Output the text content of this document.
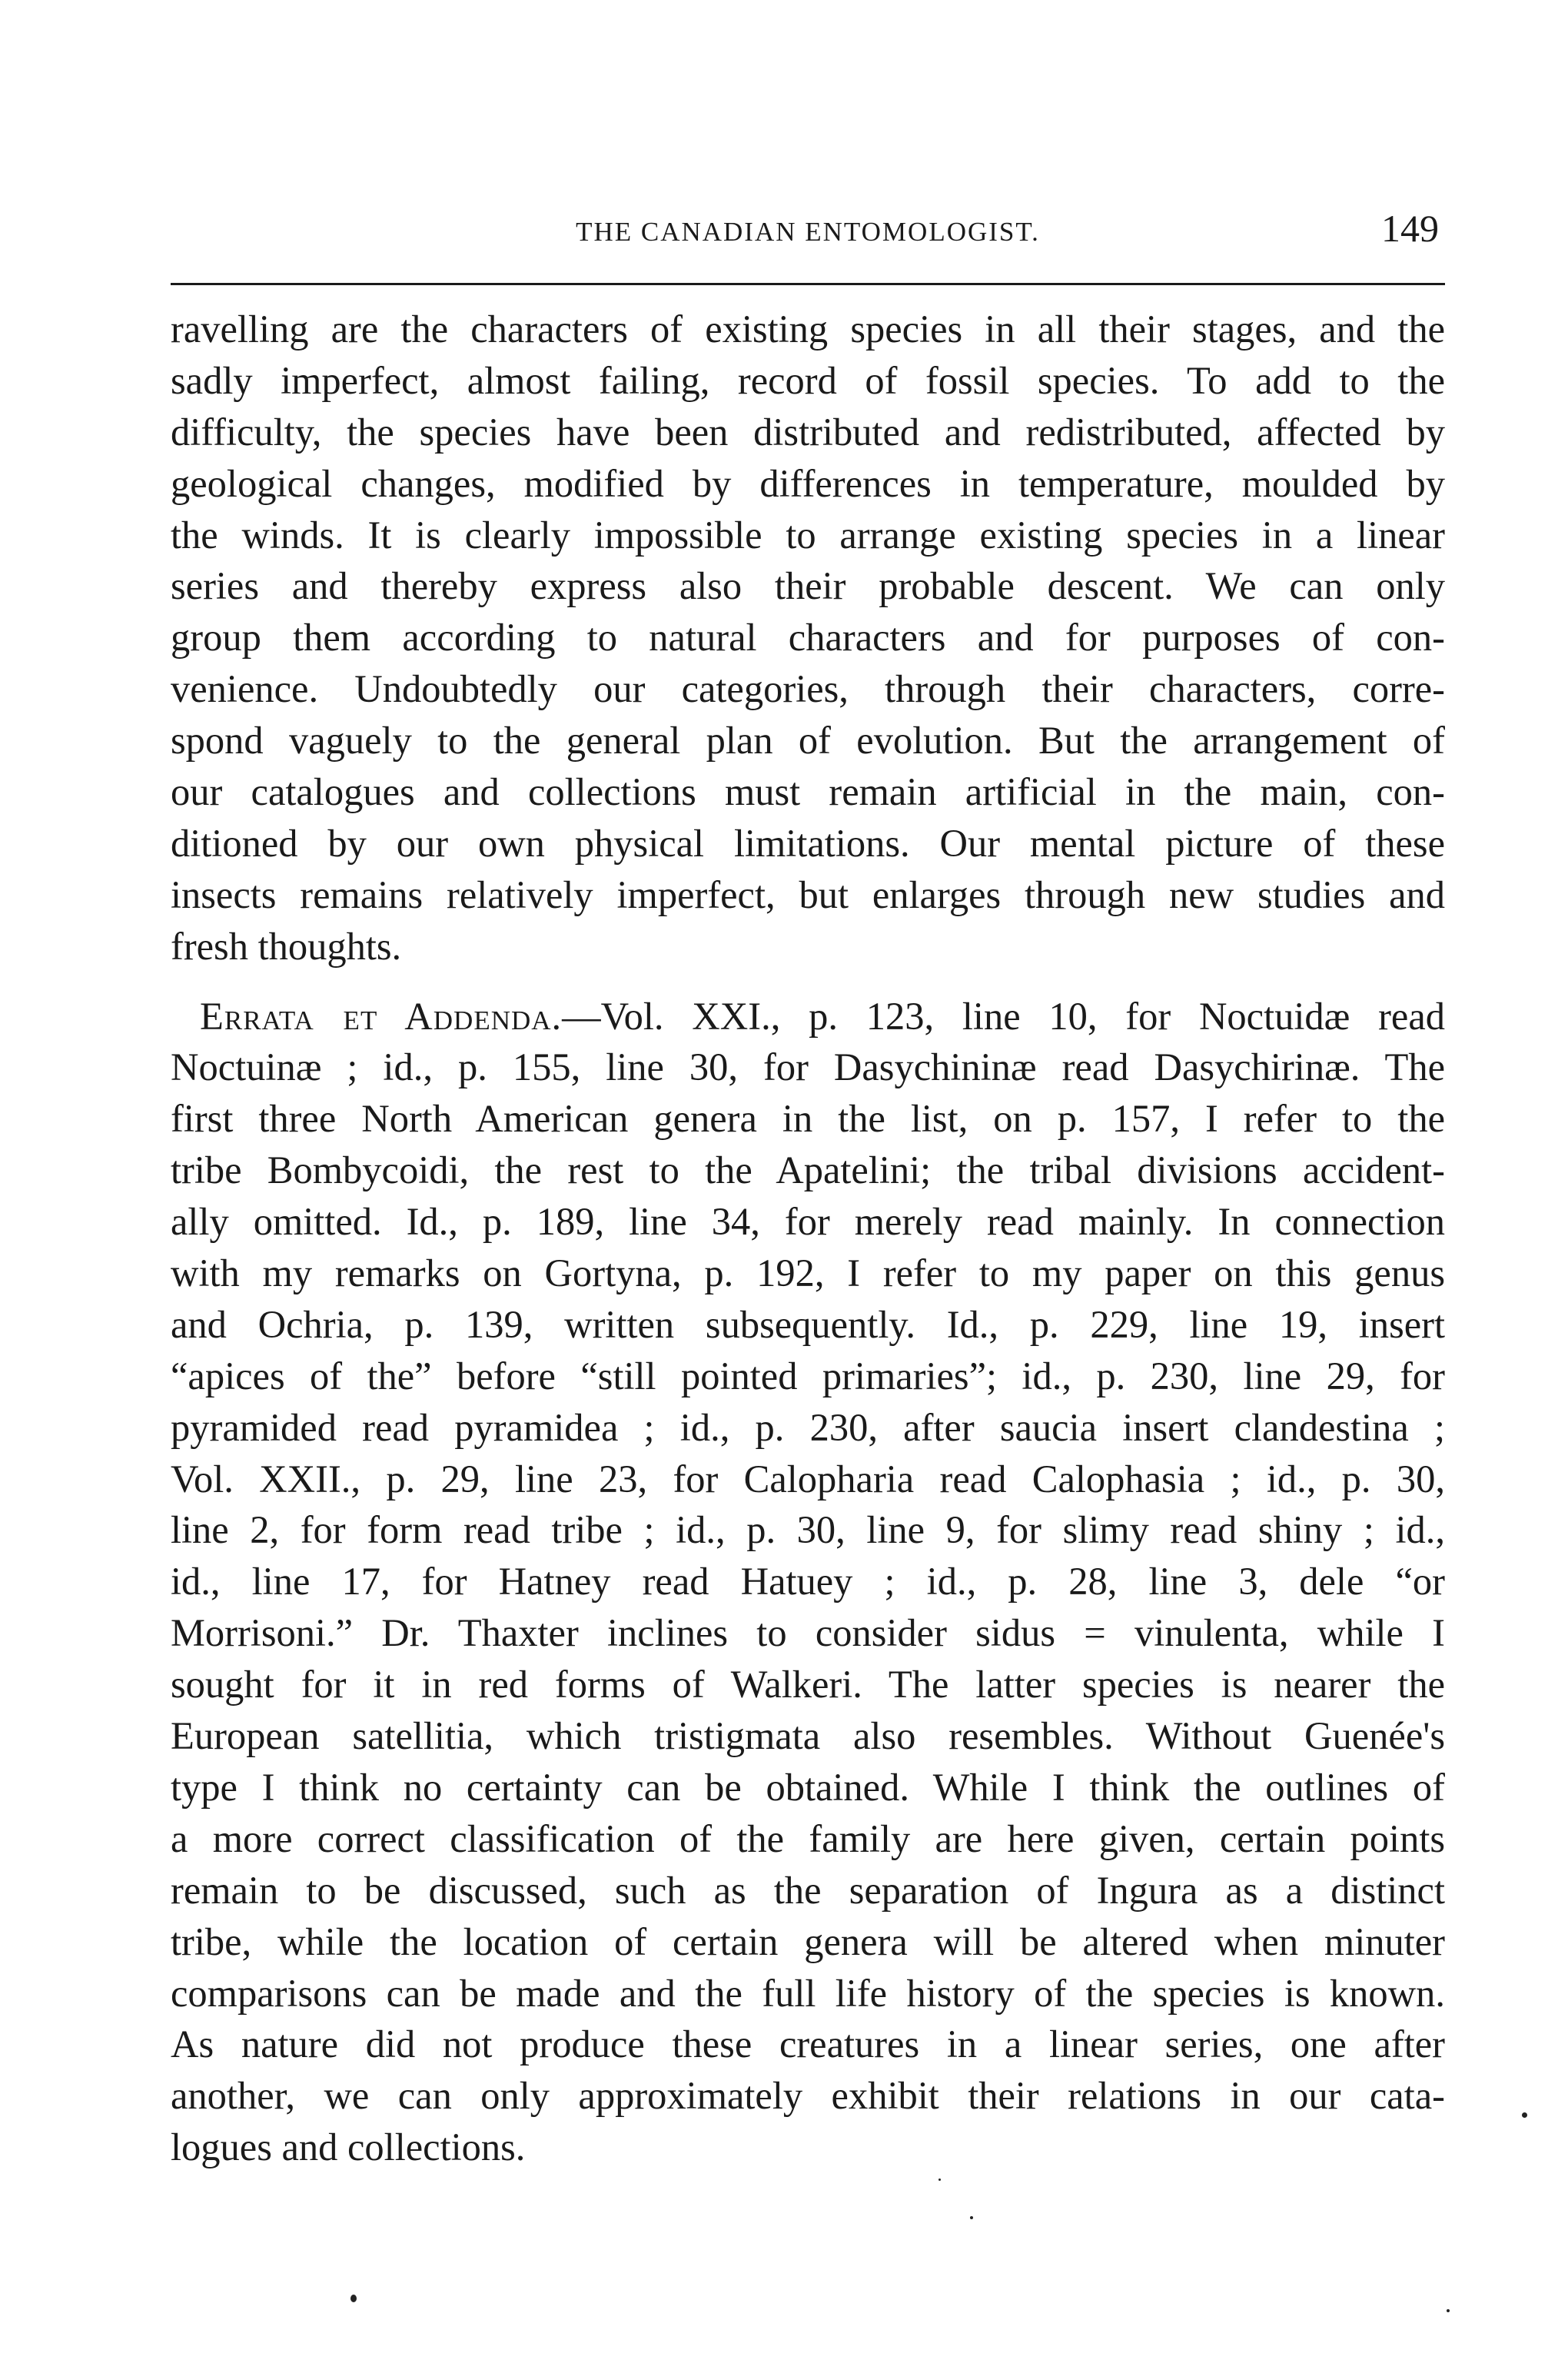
THE CANADIAN ENTOMOLOGIST.	149
ravelling are the characters of existing species in all their stages, and the
sadly imperfect, almost failing, record of fossil species. To add to the
difficulty, the species have been distributed and redistributed, affected by
geological changes, modified by differences in temperature, moulded by
the winds. It is clearly impossible to arrange existing species in a linear
series and thereby express also their probable descent. We can only
group them according to natural characters and for purposes of con-
venience. Undoubtedly our categories, through their characters, corre-
spond vaguely to the general plan of evolution. But the arrangement of
our catalogues and collections must remain artificial in the main, con-
ditioned by our own physical limitations. Our mental picture of these
insects remains relatively imperfect, but enlarges through new studies and
fresh thoughts.
Errata et Addenda.—Vol. XXI., p. 123, line 10, for Noctuidæ read
Noctuinæ ; id., p. 155, line 30, for Dasychininæ read Dasychirinæ. The
first three North American genera in the list, on p. 157, I refer to the
tribe Bombycoidi, the rest to the Apatelini; the tribal divisions accident-
ally omitted. Id., p. 189, line 34, for merely read mainly. In connection
with my remarks on Gortyna, p. 192, I refer to my paper on this genus
and Ochria, p. 139, written subsequently. Id., p. 229, line 19, insert
“apices of the” before “still pointed primaries”; id., p. 230, line 29, for
pyramided read pyramidea ; id., p. 230, after saucia insert clandestina ;
Vol. XXII., p. 29, line 23, for Calopharia read Calophasia ; id., p. 30,
line 2, for form read tribe ; id., p. 30, line 9, for slimy read shiny ; id.,
id., line 17, for Hatney read Hatuey ; id., p. 28, line 3, dele “or
Morrisoni.” Dr. Thaxter inclines to consider sidus = vinulenta, while I
sought for it in red forms of Walkeri. The latter species is nearer the
European satellitia, which tristigmata also resembles. Without Guenée's
type I think no certainty can be obtained. While I think the outlines of
a more correct classification of the family are here given, certain points
remain to be discussed, such as the separation of Ingura as a distinct
tribe, while the location of certain genera will be altered when minuter
comparisons can be made and the full life history of the species is known.
As nature did not produce these creatures in a linear series, one after
another, we can only approximately exhibit their relations in our cata-
logues and collections.
